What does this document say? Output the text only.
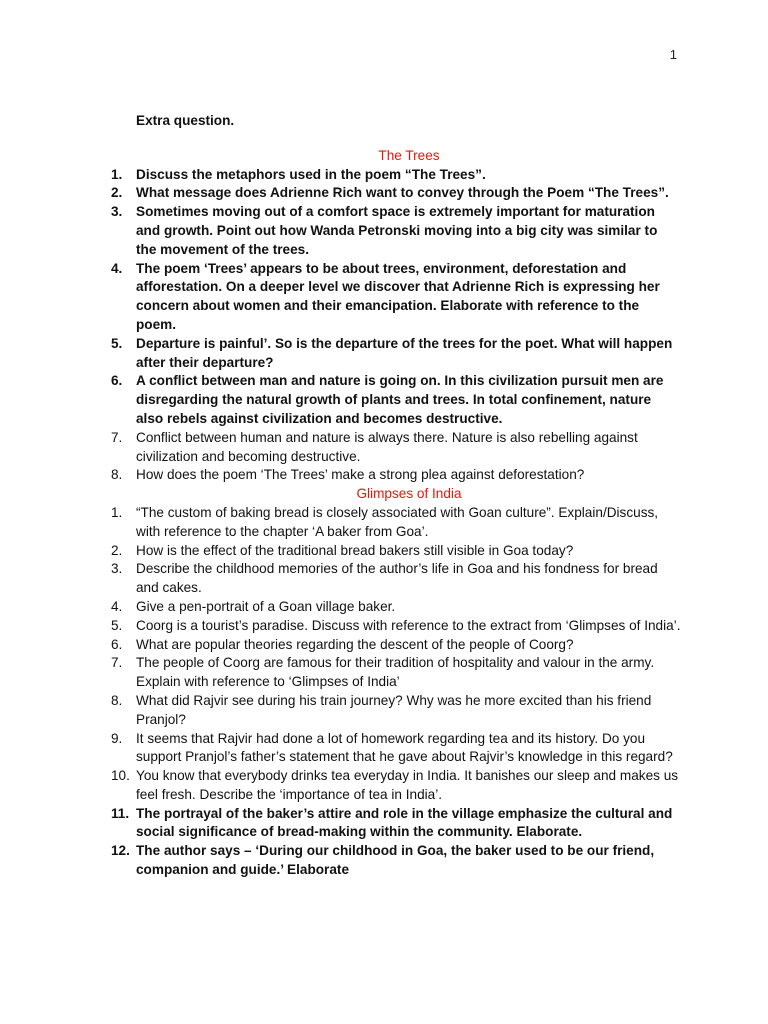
1
Extra question.
The Trees
1.	Discuss the metaphors used in the poem “The Trees”.
2.	What message does Adrienne Rich want to convey through the Poem “The Trees”.
3.	Sometimes moving out of a comfort space is extremely important for maturation and growth. Point out how Wanda Petronski moving into a big city was similar to the movement of the trees.
4.	The poem ‘Trees’ appears to be about trees, environment, deforestation and afforestation. On a deeper level we discover that Adrienne Rich is expressing her concern about women and their emancipation. Elaborate with reference to the poem.
5.	Departure is painful’. So is the departure of the trees for the poet. What will happen after their departure?
6.	A conflict between man and nature is going on. In this civilization pursuit men are disregarding the natural growth of plants and trees. In total confinement, nature also rebels against civilization and becomes destructive.
7.	Conflict between human and nature is always there. Nature is also rebelling against civilization and becoming destructive.
8.	How does the poem ‘The Trees’ make a strong plea against deforestation?
Glimpses of India
1.	“The custom of baking bread is closely associated with Goan culture”. Explain/Discuss, with reference to the chapter ‘A baker from Goa’.
2.	How is the effect of the traditional bread bakers still visible in Goa today?
3.	Describe the childhood memories of the author’s life in Goa and his fondness for bread and cakes.
4.	Give a pen-portrait of a Goan village baker.
5.	Coorg is a tourist’s paradise. Discuss with reference to the extract from ‘Glimpses of India’.
6.	What are popular theories regarding the descent of the people of Coorg?
7.	The people of Coorg are famous for their tradition of hospitality and valour in the army. Explain with reference to ‘Glimpses of India’
8.	What did Rajvir see during his train journey? Why was he more excited than his friend Pranjol?
9.	It seems that Rajvir had done a lot of homework regarding tea and its history. Do you support Pranjol’s father’s statement that he gave about Rajvir’s knowledge in this regard?
10. You know that everybody drinks tea everyday in India. It banishes our sleep and makes us feel fresh. Describe the ‘importance of tea in India’.
11. The portrayal of the baker’s attire and role in the village emphasize the cultural and social significance of bread-making within the community. Elaborate.
12. The author says – ‘During our childhood in Goa, the baker used to be our friend, companion and guide.’ Elaborate
